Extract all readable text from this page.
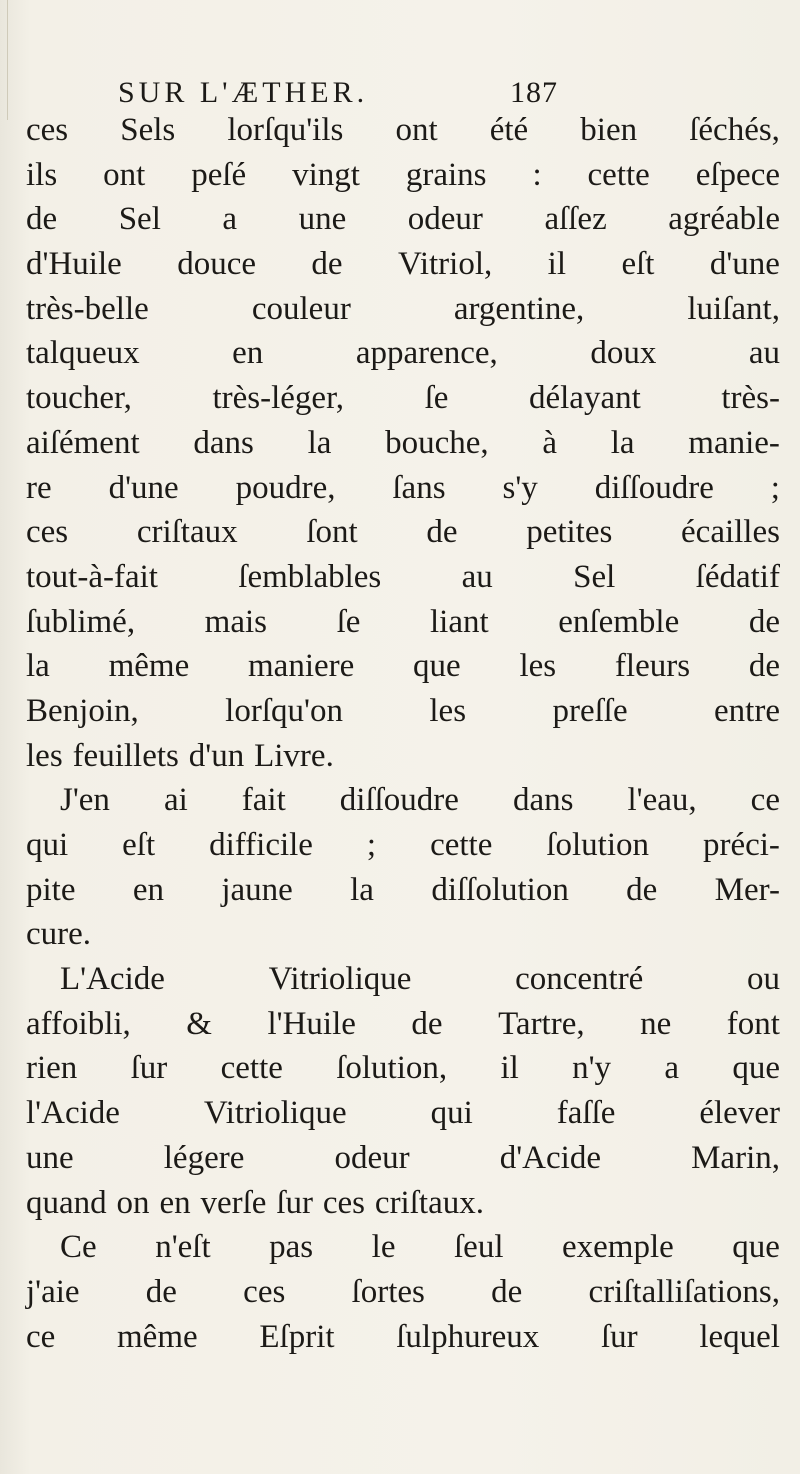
SUR L'ÆTHER.	187
ces Sels lorſqu'ils ont été bien ſéchés,
ils ont peſé vingt grains : cette eſpece
de Sel a une odeur aſſez agréable
d'Huile douce de Vitriol, il eſt d'une
très-belle	couleur	argentine,	luiſant,
talqueux	en	apparence,	doux	au
toucher, très-léger, ſe délayant très-
aiſément dans la bouche, à la manie-
re d'une poudre, ſans s'y diſſoudre ;
ces criſtaux ſont de petites écailles
tout-à-fait ſemblables au Sel ſédatif
ſublimé, mais ſe liant enſemble de
la même maniere que les fleurs de
Benjoin,	lorſqu'on	les	preſſe	entre
les feuillets d'un Livre.
J'en ai fait diſſoudre dans l'eau, ce
qui eſt difficile ; cette ſolution préci-
pite en jaune la diſſolution de Mer-
cure.
L'Acide	Vitriolique	concentré	ou
affoibli, & l'Huile de Tartre, ne font
rien ſur cette ſolution, il n'y a que
l'Acide	Vitriolique	qui	faſſe	élever
une	légere	odeur	d'Acide	Marin,
quand on en verſe ſur ces criſtaux.
Ce n'eſt pas le ſeul exemple que
j'aie de ces ſortes de criſtalliſations,
ce même Eſprit ſulphureux ſur lequel
